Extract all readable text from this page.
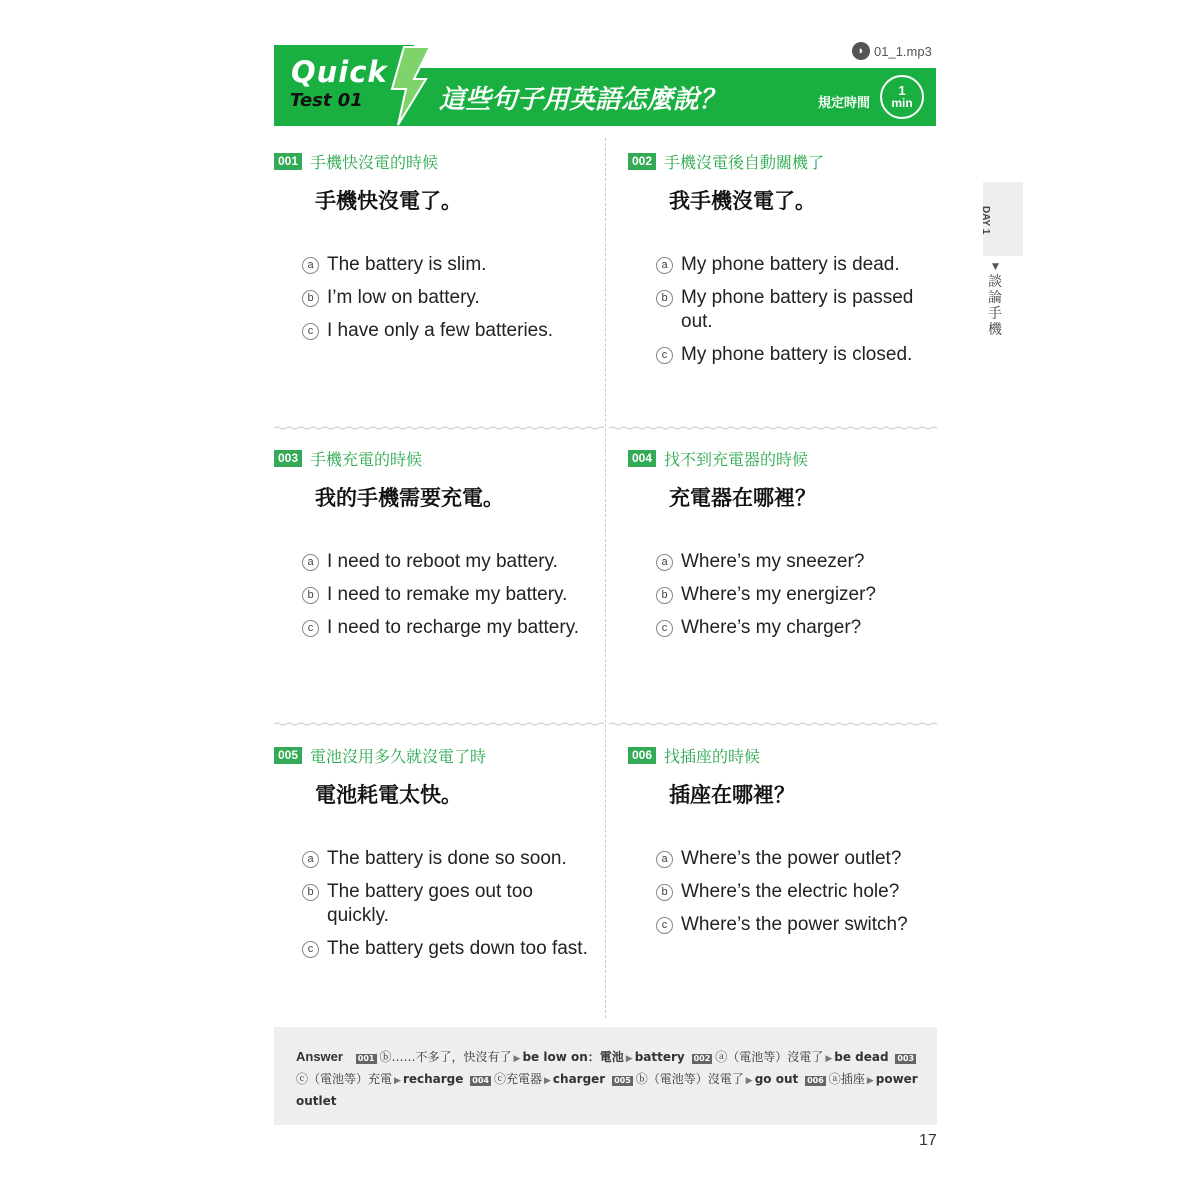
◗ 01_1.mp3
Quick
Test 01	這些句子用英語怎麼說？	規定時間
1
min
001 手機快沒電的時候
手機快沒電了。
a The battery is slim.
b I’m low on battery.
c I have only a few batteries.
002 手機沒電後自動關機了
我手機沒電了。
a My phone battery is dead.
b My phone battery is passed out.
c My phone battery is closed.
003 手機充電的時候
我的手機需要充電。
a I need to reboot my battery.
b I need to remake my battery.
c I need to recharge my battery.
004 找不到充電器的時候
充電器在哪裡？
a Where’s my sneezer?
b Where’s my energizer?
c Where’s my charger?
005 電池沒用多久就沒電了時
電池耗電太快。
a The battery is done so soon.
b The battery goes out too quickly.
c The battery gets down too fast.
006 找插座的時候
插座在哪裡？
a Where’s the power outlet?
b Where’s the electric hole?
c Where’s the power switch?
Answer 001 ⓑ……不多了，快沒有了 ▶ be low on：電池 ▶ battery 002 ⓐ（電池等）沒電了 ▶ be dead 003ⓒ（電池等）充電 ▶ recharge 004 ⓒ充電器 ▶ charger 005 ⓑ（電池等）沒電了 ▶ go out 006 ⓐ插座 ▶ power outlet
DAY 1
▼
談論手機
17
